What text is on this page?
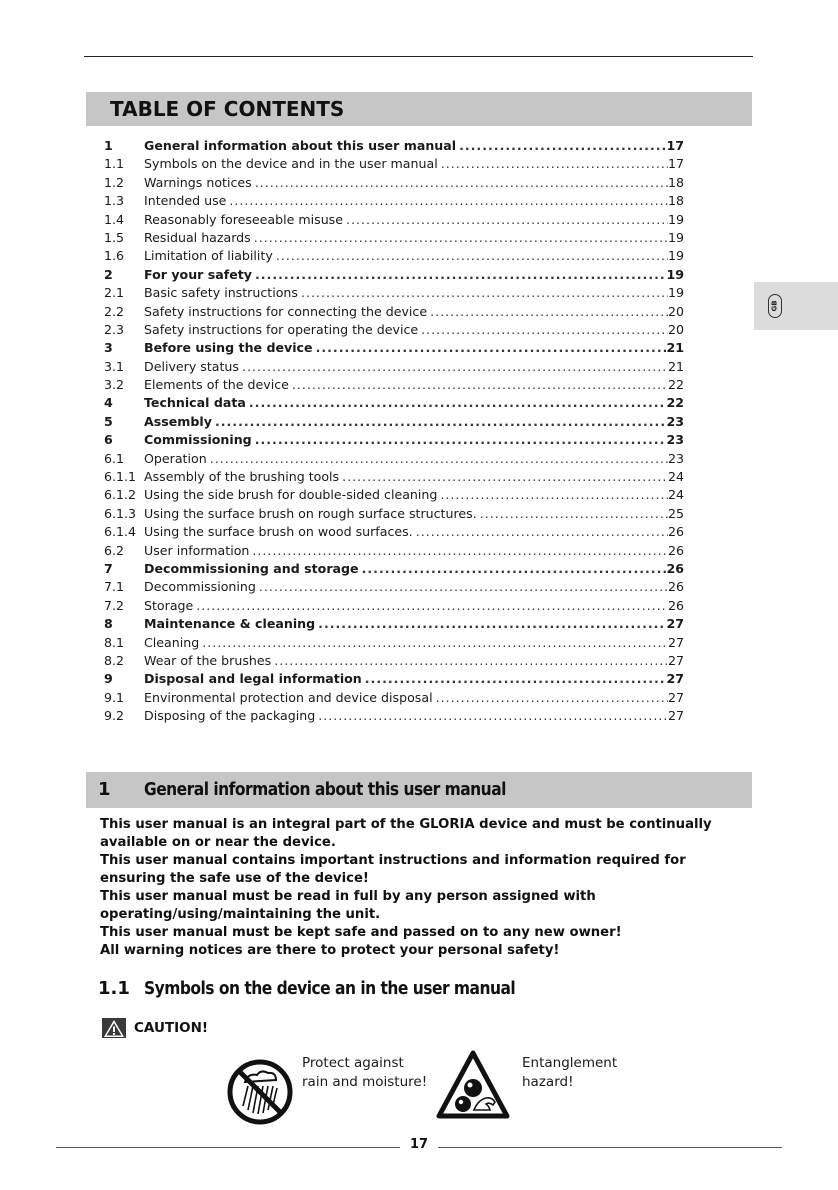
TABLE OF CONTENTS
1	General information about this user manual .....	17
1.1	Symbols on the device and in the user manual .....	17
1.2	Warnings notices .....	18
1.3	Intended use .....	18
1.4	Reasonably foreseeable misuse .....	19
1.5	Residual hazards .....	19
1.6	Limitation of liability .....	19
2	For your safety .....	19
2.1	Basic safety instructions .....	19
2.2	Safety instructions for connecting the device .....	20
2.3	Safety instructions for operating the device .....	20
3	Before using the device .....	21
3.1	Delivery status .....	21
3.2	Elements of the device .....	22
4	Technical data .....	22
5	Assembly .....	23
6	Commissioning .....	23
6.1	Operation .....	23
6.1.1 Assembly of the brushing tools .....	24
6.1.2 Using the side brush for double-sided cleaning .....	24
6.1.3 Using the surface brush on rough surface structures. .....	25
6.1.4 Using the surface brush on wood surfaces. .....	26
6.2	User information .....	26
7	Decommissioning and storage .....	26
7.1	Decommissioning .....	26
7.2	Storage .....	26
8	Maintenance & cleaning .....	27
8.1	Cleaning .....	27
8.2	Wear of the brushes .....	27
9	Disposal and legal information .....	27
9.1	Environmental protection and device disposal .....	27
9.2	Disposing of the packaging .....	27
GB
1	General information about this user manual

This user manual is an integral part of the GLORIA device and must be continually available on or near the device.

This user manual contains important instructions and information required for ensuring the safe use of the device!

This user manual must be read in full by any person assigned with operating/using/maintaining the unit.

This user manual must be kept safe and passed on to any new owner!

All warning notices are there to protect your personal safety!

1.1 Symbols on the device an in the user manual
CAUTION!
Protect against
rain and moisture!
Entanglement
hazard!
17
